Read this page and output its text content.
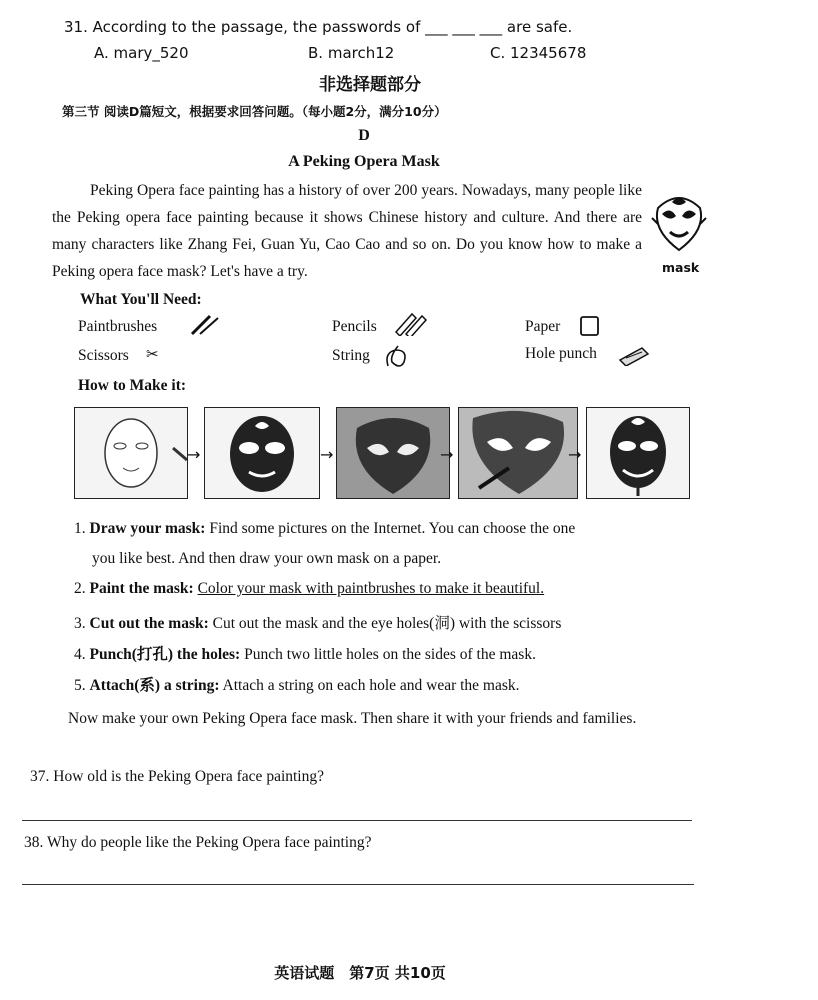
31. According to the passage, the passwords of ___ ___ ___ are safe.
A. mary_520	B. march12	C. 12345678
非选择题部分
第三节 阅读D篇短文，根据要求回答问题。（每小题2分，满分10分）
D
A Peking Opera Mask

Peking Opera face painting has a history of over 200 years. Nowadays, many people like the Peking opera face painting because it shows Chinese history and culture. And there are many characters like Zhang Fei, Guan Yu, Cao Cao and so on. Do you know how to make a Peking opera face mask? Let's have a try.	mask
What You'll Need:
Paintbrushes	Pencils	Paper
Scissors ✂	String	Hole punch
How to Make it:
→	→	→	→
1. Draw your mask: Find some pictures on the Internet. You can choose the one
you like best. And then draw your own mask on a paper.
2. Paint the mask: Color your mask with paintbrushes to make it beautiful.
3. Cut out the mask: Cut out the mask and the eye holes(洞) with the scissors
4. Punch(打孔) the holes: Punch two little holes on the sides of the mask.
5. Attach(系) a string: Attach a string on each hole and wear the mask.

Now make your own Peking Opera face mask. Then share it with your friends and families.

37. How old is the Peking Opera face painting?
38. Why do people like the Peking Opera face painting?
英语试题　第7页 共10页
